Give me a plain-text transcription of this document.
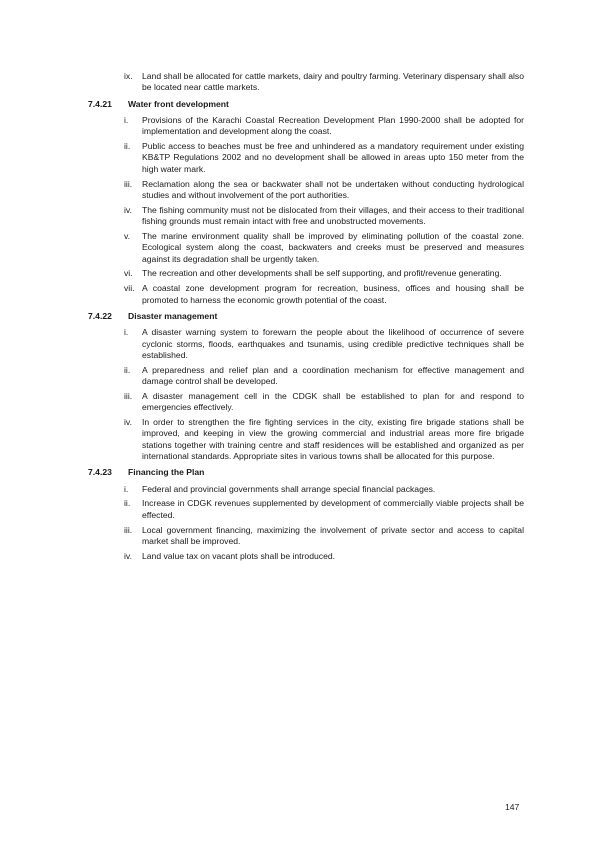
ix.	Land shall be allocated for cattle markets, dairy and poultry farming. Veterinary dispensary shall also be located near cattle markets.
7.4.21	Water front development
i.	Provisions of the Karachi Coastal Recreation Development Plan 1990-2000 shall be adopted for implementation and development along the coast.
ii.	Public access to beaches must be free and unhindered as a mandatory requirement under existing KB&TP Regulations 2002 and no development shall be allowed in areas upto 150 meter from the high water mark.
iii.	Reclamation along the sea or backwater shall not be undertaken without conducting hydrological studies and without involvement of the port authorities.
iv.	The fishing community must not be dislocated from their villages, and their access to their traditional fishing grounds must remain intact with free and unobstructed movements.
v.	The marine environment quality shall be improved by eliminating pollution of the coastal zone. Ecological system along the coast, backwaters and creeks must be preserved and measures against its degradation shall be urgently taken.
vi.	The recreation and other developments shall be self supporting, and profit/revenue generating.
vii. A coastal zone development program for recreation, business, offices and housing shall be promoted to harness the economic growth potential of the coast.
7.4.22	Disaster management
i.	A disaster warning system to forewarn the people about the likelihood of occurrence of severe cyclonic storms, floods, earthquakes and tsunamis, using credible predictive techniques shall be established.
ii.	A preparedness and relief plan and a coordination mechanism for effective management and damage control shall be developed.
iii.	A disaster management cell in the CDGK shall be established to plan for and respond to emergencies effectively.
iv.	In order to strengthen the fire fighting services in the city, existing fire brigade stations shall be improved, and keeping in view the growing commercial and industrial areas more fire brigade stations together with training centre and staff residences will be established and organized as per international standards. Appropriate sites in various towns shall be allocated for this purpose.
7.4.23	Financing the Plan
i.	Federal and provincial governments shall arrange special financial packages.
ii.	Increase in CDGK revenues supplemented by development of commercially viable projects shall be effected.
iii.	Local government financing, maximizing the involvement of private sector and access to capital market shall be improved.
iv.	Land value tax on vacant plots shall be introduced.
147
